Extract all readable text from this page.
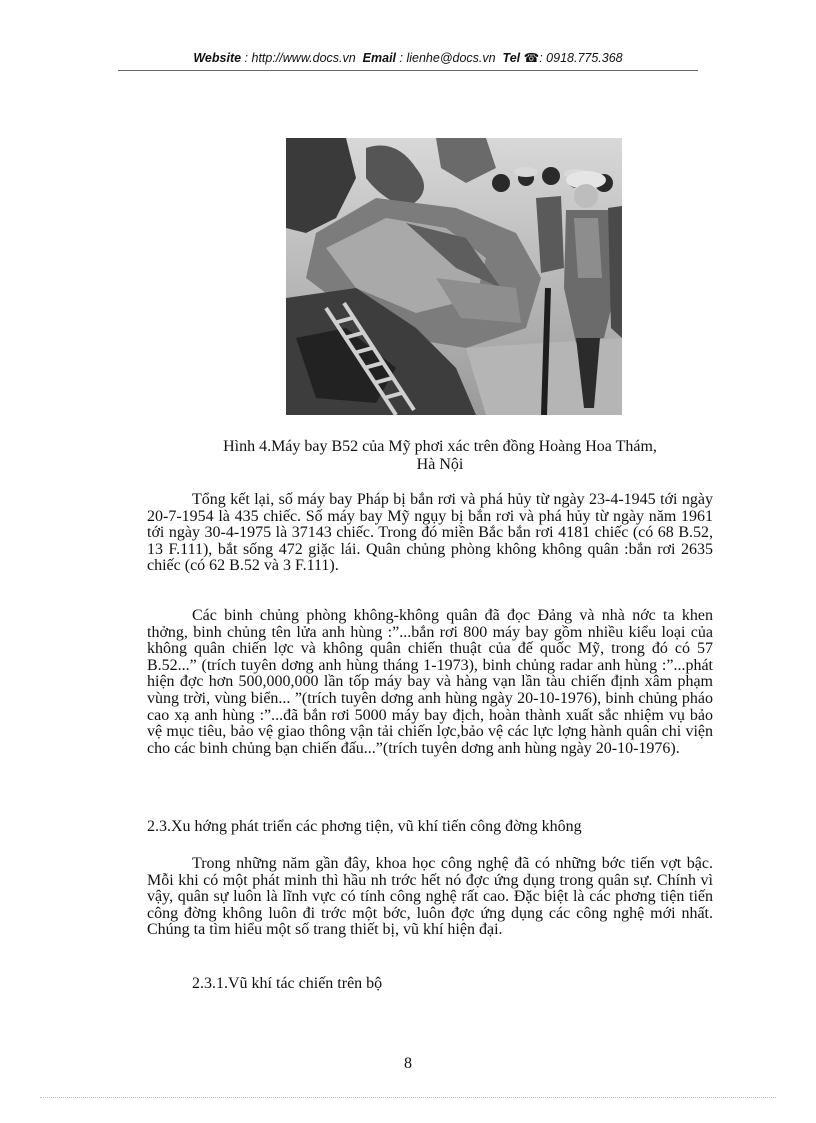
Website : http://www.docs.vn Email : lienhe@docs.vn Tel ☎: 0918.775.368
Hình 4.Máy bay B52 của Mỹ phơi xác trên đồng Hoàng Hoa Thám,
Hà Nội
Tổng kết lại, số máy bay Pháp bị bắn rơi và phá hủy từ ngày 23-4-1945 tới ngày 20-7-1954 là 435 chiếc. Số máy bay Mỹ ngụy bị bắn rơi và phá hủy từ ngày năm 1961 tới ngày 30-4-1975 là 37143 chiếc. Trong đó miền Bắc bắn rơi 4181 chiếc (có 68 B.52, 13 F.111), bắt sống 472 giặc lái. Quân chủng phòng không không quân :bắn rơi 2635 chiếc (có 62 B.52 và 3 F.111).
Các binh chủng phòng không-không quân đã đọc Đảng và nhà nớc ta khen thởng, binh chủng tên lửa anh hùng :”...bắn rơi 800 máy bay gồm nhiều kiểu loại của không quân chiến lợc và không quân chiến thuật của đế quốc Mỹ, trong đó có 57 B.52...” (trích tuyên dơng anh hùng tháng 1-1973), binh chủng radar anh hùng :”...phát hiện đợc hơn 500,000,000 lần tốp máy bay và hàng vạn lần tàu chiến định xâm phạm vùng trời, vùng biển... ”(trích tuyên dơng anh hùng ngày 20-10-1976), binh chủng pháo cao xạ anh hùng :”...đã bắn rơi 5000 máy bay địch, hoàn thành xuất sắc nhiệm vụ bảo vệ mục tiêu, bảo vệ giao thông vận tải chiến lợc,bảo vệ các lực lợng hành quân chi viện cho các binh chủng bạn chiến đấu...”(trích tuyên dơng anh hùng ngày 20-10-1976).
2.3.Xu hớng phát triển các phơng tiện, vũ khí tiến công đờng không
Trong những năm gần đây, khoa học công nghệ đã có những bớc tiến vợt bậc. Mỗi khi có một phát minh thì hầu nh trớc hết nó đợc ứng dụng trong quân sự. Chính vì vậy, quân sự luôn là lĩnh vực có tính công nghệ rất cao. Đặc biệt là các phơng tiện tiến công đờng không luôn đi trớc một bớc, luôn đợc ứng dụng các công nghệ mới nhất. Chúng ta tìm hiểu một số trang thiết bị, vũ khí hiện đại.
2.3.1.Vũ khí tác chiến trên bộ
8
